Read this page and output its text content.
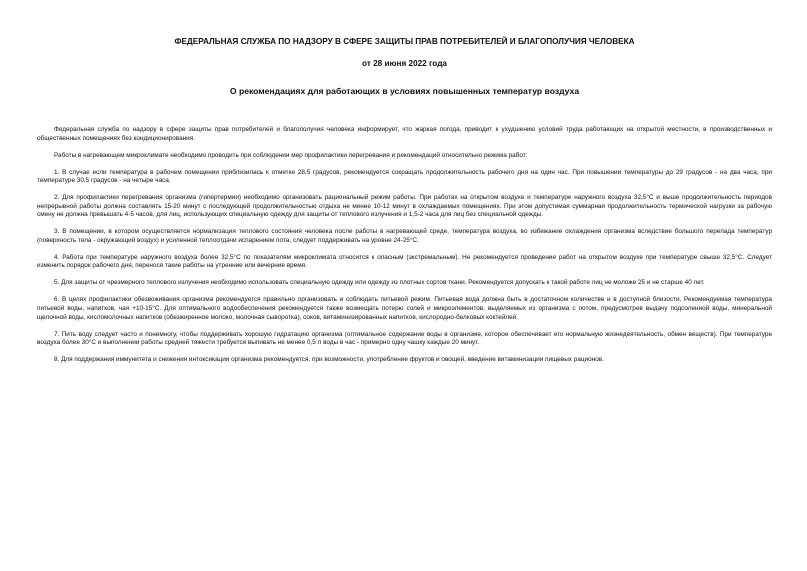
ФЕДЕРАЛЬНАЯ СЛУЖБА ПО НАДЗОРУ В СФЕРЕ ЗАЩИТЫ ПРАВ ПОТРЕБИТЕЛЕЙ И БЛАГОПОЛУЧИЯ ЧЕЛОВЕКА

от 28 июня 2022 года

О рекомендациях для работающих в условиях повышенных температур воздуха

Федеральная служба по надзору в сфере защиты прав потребителей и благополучия человека информирует, что жаркая погода, приводит к ухудшению условий труда работающих на открытой местности, в производственных и общественных помещениях без кондиционирования.

Работы в нагревающем микроклимате необходимо проводить при соблюдении мер профилактики перегревания и рекомендаций относительно режима работ:

1. В случае если температура в рабочем помещении приблизилась к отметке 28,5 градусов, рекомендуется сокращать продолжительность рабочего дня на один час. При повышении температуры до 29 градусов - на два часа, при температуре 30,5 градусов - на четыре часа.

2. Для профилактики перегревания организма (гипертермии) необходимо организовать рациональный режим работы. При работах на открытом воздухе и температуре наружного воздуха 32,5°С и выше продолжительность периодов непрерывной работы должна составлять 15-20 минут с последующей продолжительностью отдыха не менее 10-12 минут в охлаждаемых помещениях. При этом допустимая суммарная продолжительность термической нагрузки за рабочую смену не должна превышать 4-5 часов, для лиц, использующих специальную одежду для защиты от теплового излучения и 1,5-2 часа для лиц без специальной одежды.

3. В помещении, в котором осуществляется нормализация теплового состояния человека после работы в нагревающей среде, температура воздуха, во избежание охлаждения организма вследствие большого перепада температур (поверхность тела - окружающий воздух) и усиленной теплоотдачи испарением пота, следует поддерживать на уровне 24-25°С.

4. Работа при температуре наружного воздуха более 32,5°С по показателям микроклимата относится к опасным (экстремальным). Не рекомендуется проведение работ на открытом воздухе при температуре свыше 32,5°С. Следует изменить порядок рабочего дня, перенося такие работы на утренние или вечерние время.

5. Для защиты от чрезмерного теплового излучения необходимо использовать специальную одежду или одежду из плотных сортов ткани. Рекомендуется допускать к такой работе лиц не моложе 25 и не старше 40 лет.

6. В целях профилактики обезвоживания организма рекомендуется правильно организовать и соблюдать питьевой режим. Питьевая вода должна быть в достаточном количестве и в доступной близости. Рекомендуемая температура питьевой воды, напитков, чая +10-15°С. Для оптимального водообеспечения рекомендуется также возмещать потерю солей и микроэлементов, выделяемых из организма с потом, предусмотрев выдачу подсоленной воды, минеральной щелочной воды, кисломолочных напитков (обезжиренное молоко, молочная сыворотка), соков, витаминизированных напитков, кислородно-белковых коктейлей.

7. Пить воду следует часто и понемногу, чтобы поддерживать хорошую гидратацию организма (оптимальное содержание воды в организме, которое обеспечивает его нормальную жизнедеятельность, обмен веществ). При температуре воздуха более 30°С и выполнении работы средней тяжести требуется выпивать не менее 0,5 л воды в час - примерно одну чашку каждые 20 минут.

8. Для поддержания иммунитета и снижения интоксикации организма рекомендуется, при возможности, употребление фруктов и овощей, введение витаминизации пищевых рационов.
